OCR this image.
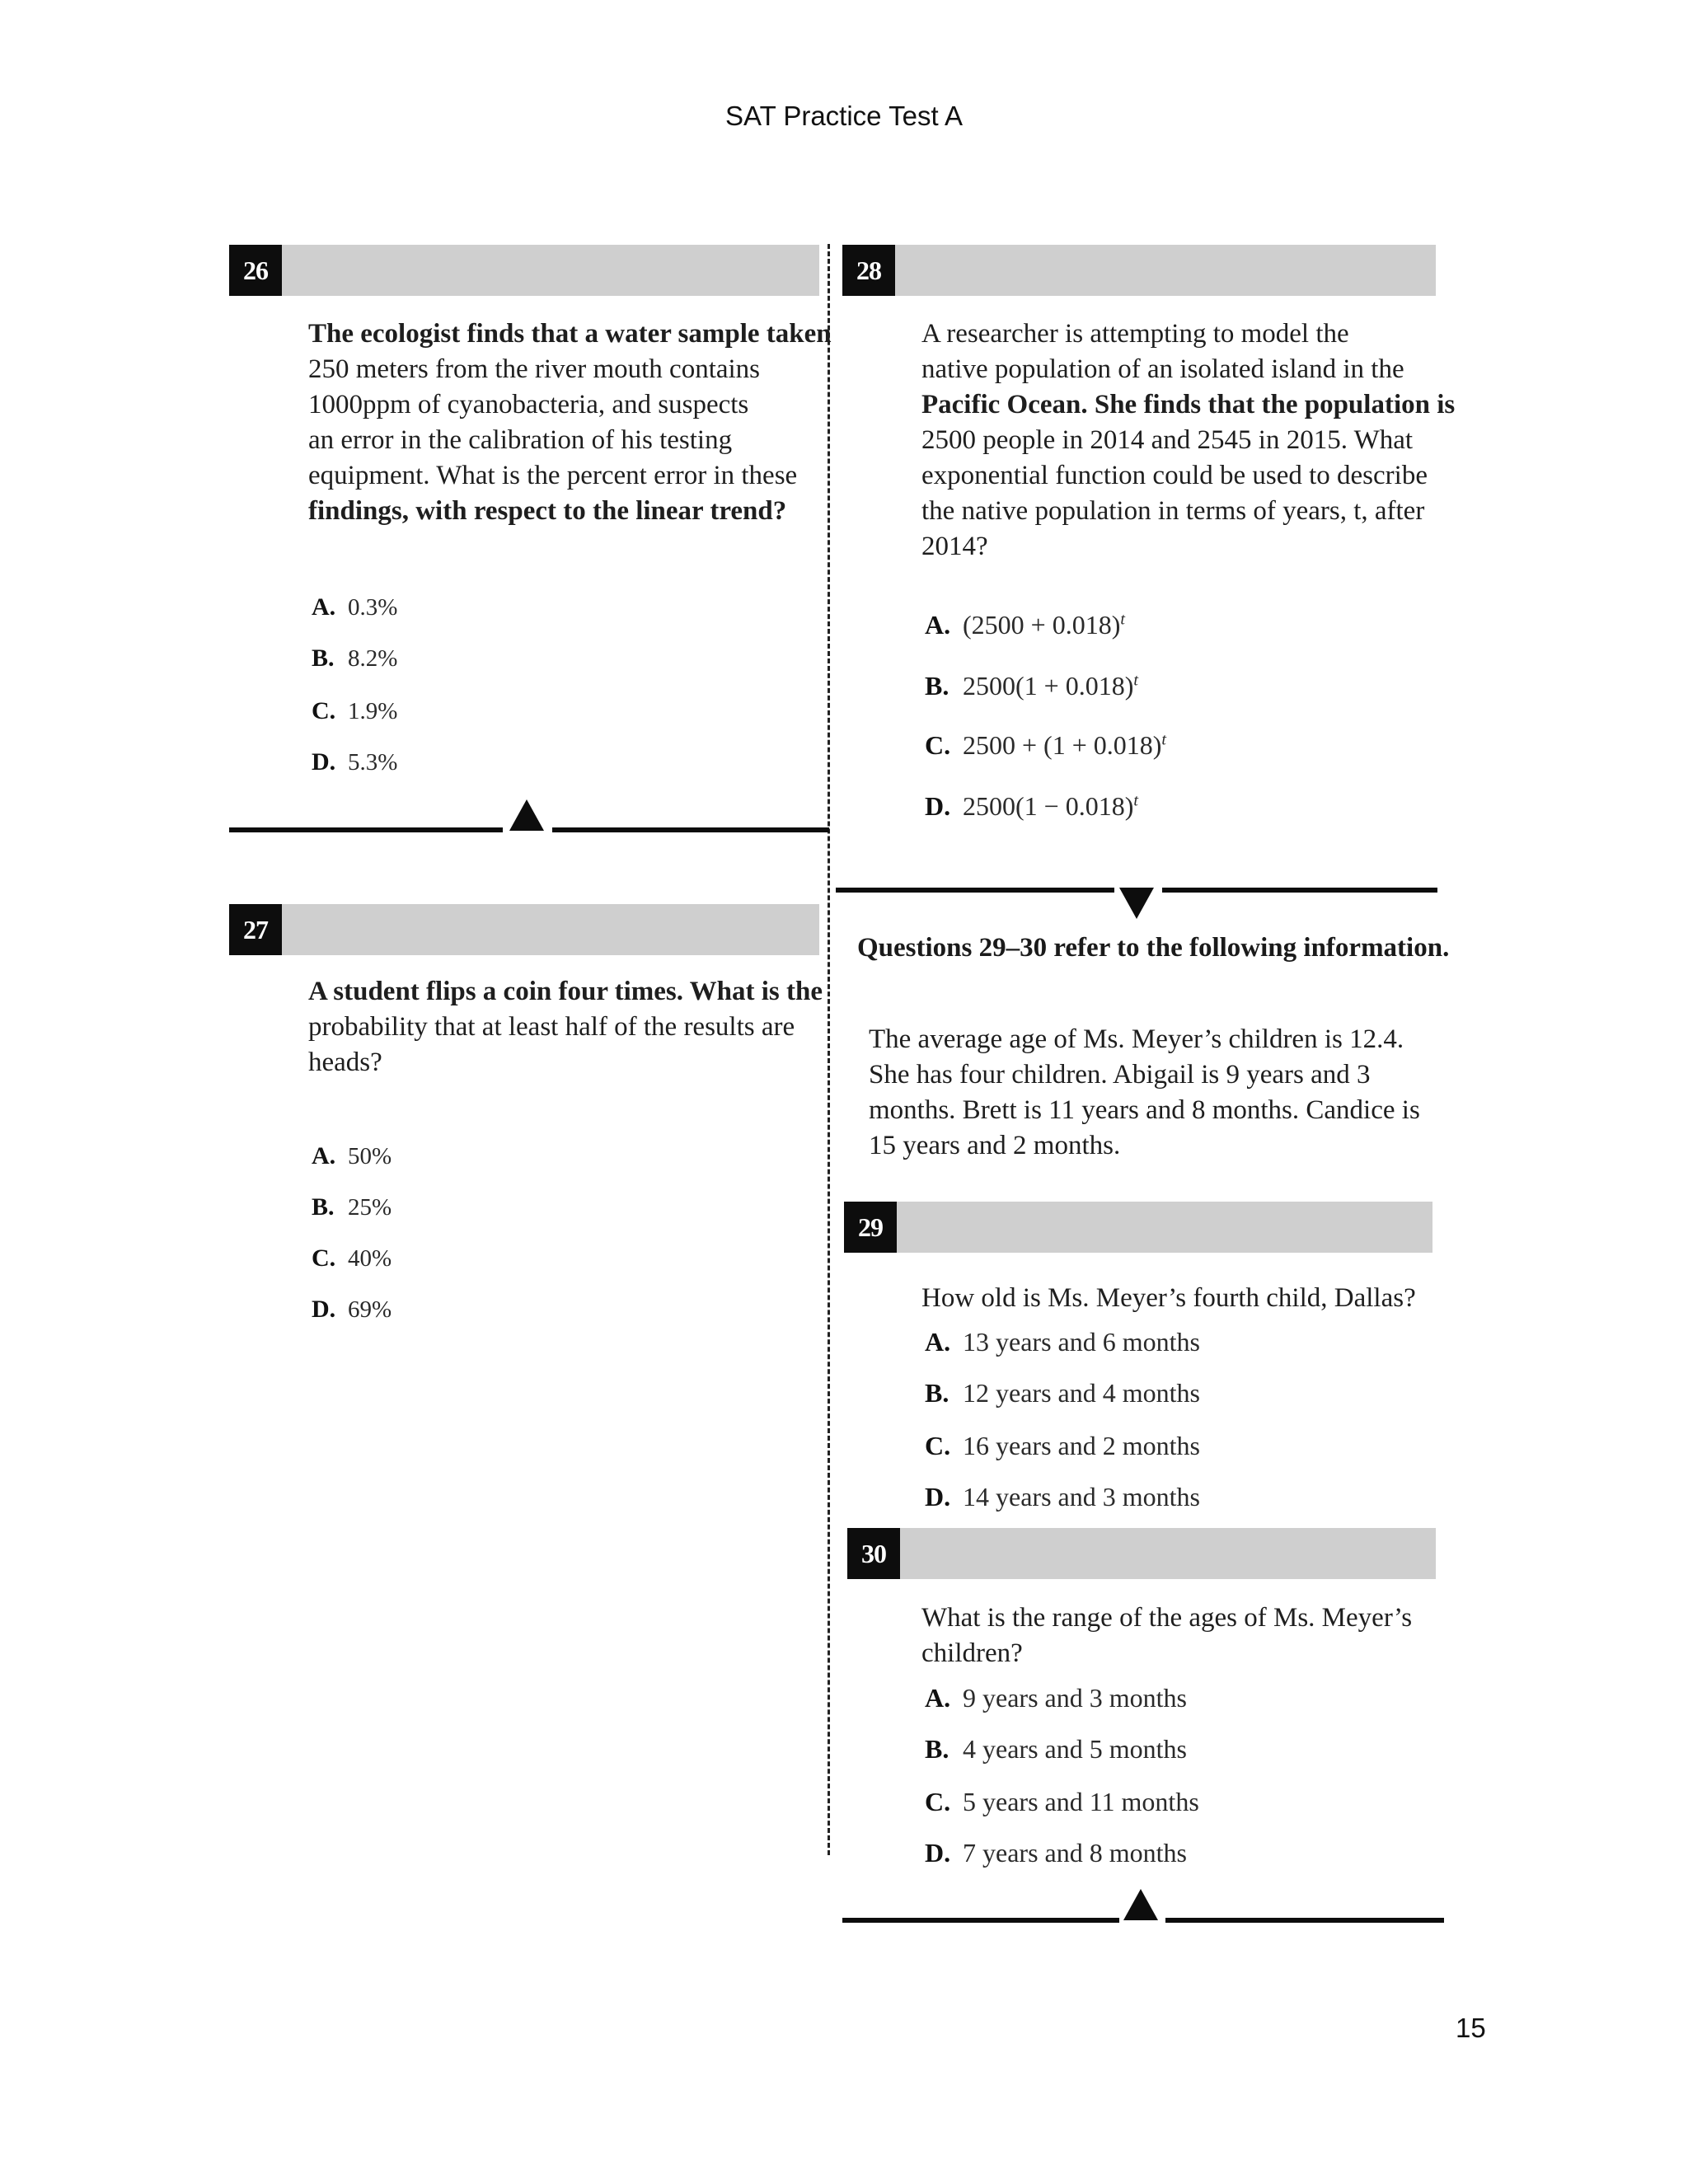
SAT Practice Test A
26
The ecologist finds that a water sample taken
250 meters from the river mouth contains
1000ppm of cyanobacteria, and suspects
an error in the calibration of his testing
equipment. What is the percent error in these
findings, with respect to the linear trend?
A. 0.3%
B. 8.2%
C. 1.9%
D. 5.3%
27
A student flips a coin four times. What is the
probability that at least half of the results are
heads?
A. 50%
B. 25%
C. 40%
D. 69%
28
A researcher is attempting to model the
native population of an isolated island in the
Pacific Ocean. She finds that the population is
2500 people in 2014 and 2545 in 2015. What
exponential function could be used to describe
the native population in terms of years, t, after
2014?
A. $(2500 + 0.018)^t$
B. $2500(1 + 0.018)^t$
C. $2500 + (1 + 0.018)^t$
D. $2500(1 - 0.018)^t$
Questions 29–30 refer to the following information.
The average age of Ms. Meyer’s children is 12.4. She has four children. Abigail is 9 years and 3 months. Brett is 11 years and 8 months. Candice is 15 years and 2 months.
29
How old is Ms. Meyer’s fourth child, Dallas?
A. 13 years and 6 months
B. 12 years and 4 months
C. 16 years and 2 months
D. 14 years and 3 months
30
What is the range of the ages of Ms. Meyer’s
children?
A. 9 years and 3 months
B. 4 years and 5 months
C. 5 years and 11 months
D. 7 years and 8 months
15
